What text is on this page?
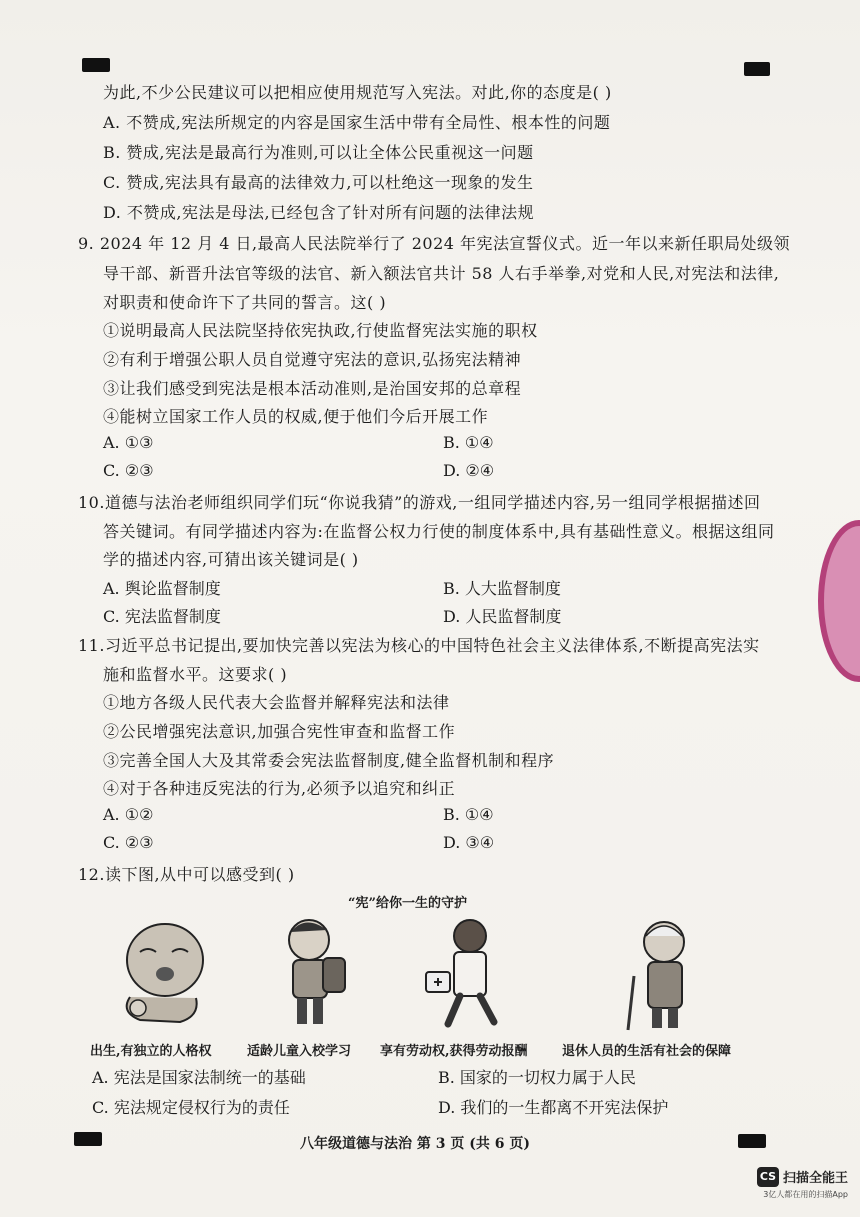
为此,不少公民建议可以把相应使用规范写入宪法。对此,你的态度是( )
A. 不赞成,宪法所规定的内容是国家生活中带有全局性、根本性的问题
B. 赞成,宪法是最高行为准则,可以让全体公民重视这一问题
C. 赞成,宪法具有最高的法律效力,可以杜绝这一现象的发生
D. 不赞成,宪法是母法,已经包含了针对所有问题的法律法规
9. 2024 年 12 月 4 日,最高人民法院举行了 2024 年宪法宣誓仪式。近一年以来新任职局处级领
导干部、新晋升法官等级的法官、新入额法官共计 58 人右手举拳,对党和人民,对宪法和法律,
对职责和使命许下了共同的誓言。这( )
①说明最高人民法院坚持依宪执政,行使监督宪法实施的职权
②有利于增强公职人员自觉遵守宪法的意识,弘扬宪法精神
③让我们感受到宪法是根本活动准则,是治国安邦的总章程
④能树立国家工作人员的权威,便于他们今后开展工作
A. ①③	B. ①④
C. ②③	D. ②④
10.道德与法治老师组织同学们玩“你说我猜”的游戏,一组同学描述内容,另一组同学根据描述回
答关键词。有同学描述内容为:在监督公权力行使的制度体系中,具有基础性意义。根据这组同
学的描述内容,可猜出该关键词是( )
A. 舆论监督制度	B. 人大监督制度
C. 宪法监督制度	D. 人民监督制度
11.习近平总书记提出,要加快完善以宪法为核心的中国特色社会主义法律体系,不断提高宪法实
施和监督水平。这要求( )
①地方各级人民代表大会监督并解释宪法和法律
②公民增强宪法意识,加强合宪性审查和监督工作
③完善全国人大及其常委会宪法监督制度,健全监督机制和程序
④对于各种违反宪法的行为,必须予以追究和纠正
A. ①②	B. ①④
C. ②③	D. ③④
12.读下图,从中可以感受到( )
“宪”给你一生的守护
出生,有独立的人格权	适龄儿童入校学习 享有劳动权,获得劳动报酬	退休人员的生活有社会的保障
A. 宪法是国家法制统一的基础	B. 国家的一切权力属于人民
C. 宪法规定侵权行为的责任	D. 我们的一生都离不开宪法保护
八年级道德与法治 第 3 页 (共 6 页)
CS 扫描全能王
3亿人都在用的扫描App
